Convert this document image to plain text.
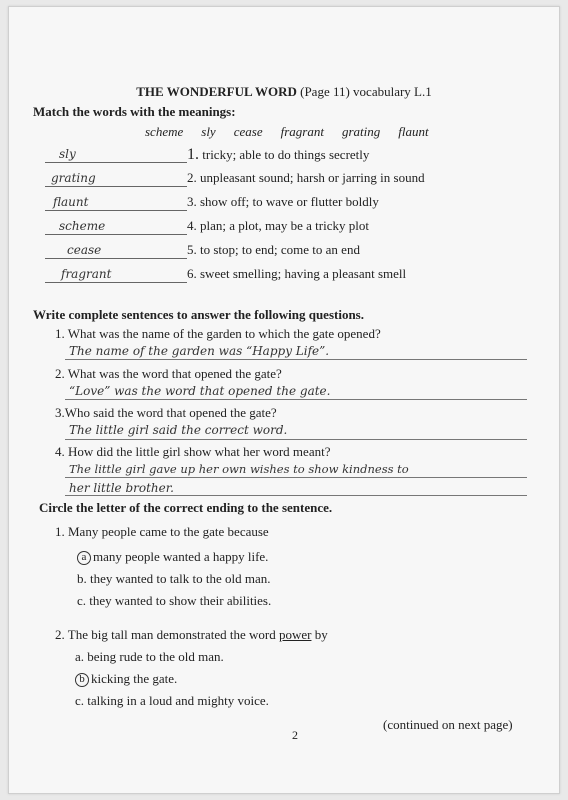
THE WONDERFUL WORD (Page 11) vocabulary L.1
Match the words with the meanings:
scheme sly cease fragrant grating flaunt
sly	1. tricky; able to do things secretly
grating	2. unpleasant sound; harsh or jarring in sound
flaunt	3. show off; to wave or flutter boldly
scheme	4. plan; a plot, may be a tricky plot
cease	5. to stop; to end; come to an end
fragrant	6. sweet smelling; having a pleasant smell
Write complete sentences to answer the following questions.
1. What was the name of the garden to which the gate opened?
The name of the garden was “Happy Life”.
2. What was the word that opened the gate?
“Love” was the word that opened the gate.
3.Who said the word that opened the gate?
The little girl said the correct word.
4. How did the little girl show what her word meant?
The little girl gave up her own wishes to show kindness to
her little brother.
Circle the letter of the correct ending to the sentence.
1. Many people came to the gate because
a many people wanted a happy life.
b. they wanted to talk to the old man.
c. they wanted to show their abilities.
2. The big tall man demonstrated the word power by
a. being rude to the old man.
b kicking the gate.
c. talking in a loud and mighty voice.
2
(continued on next page)
